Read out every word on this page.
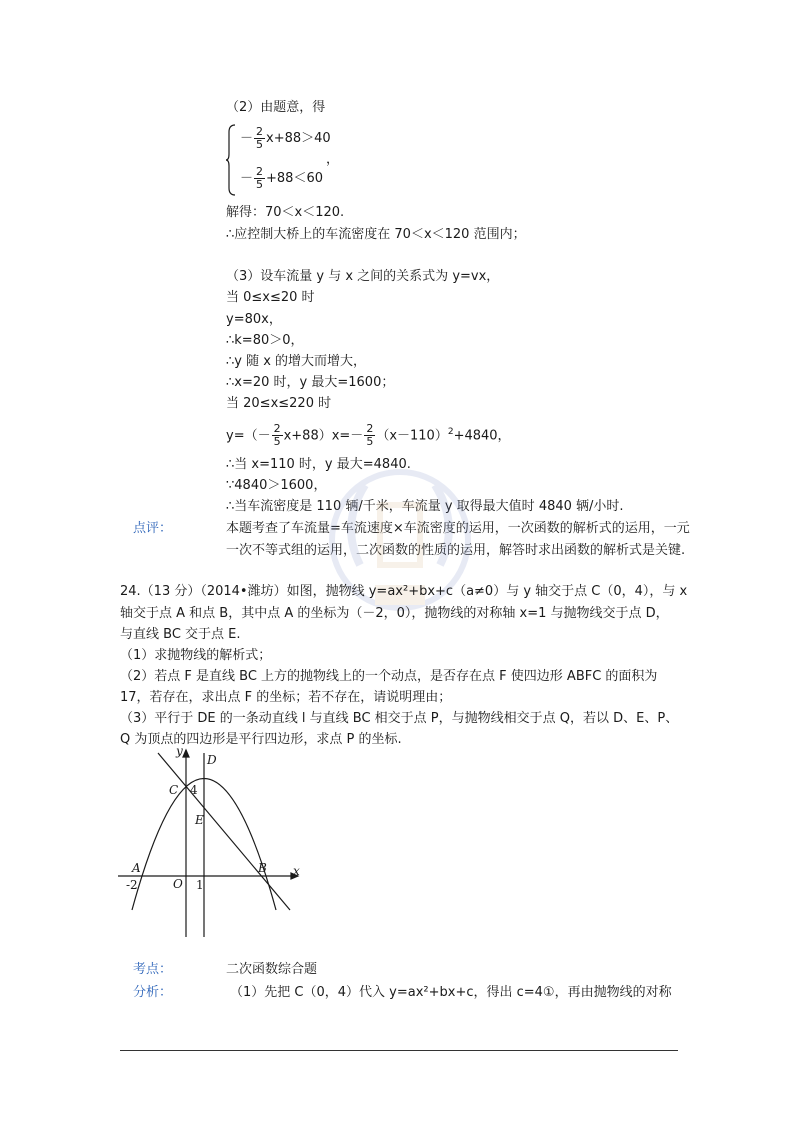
（2）由题意，得
－ $\frac{2}{5} x+88>40$
，
－ $\frac{2}{5} +88<60$
解得：70＜x＜120.
∴应控制大桥上的车流密度在 70＜x＜120 范围内；
（3）设车流量 y 与 x 之间的关系式为 y=vx，
当 0≤x≤20 时
y=80x，
∴k=80＞0，
∴y 随 x 的增大而增大，
∴x=20 时，y 最大=1600；
当 20≤x≤220 时
$y=(- \frac{2}{5} x+88)x=- \frac{2}{5} (x-110)^2+4840$，
∴当 x=110 时，y 最大=4840.
∵4840＞1600，
∴当车流密度是 110 辆/千米，车流量 y 取得最大值时 4840 辆/小时.
点评：	本题考查了车流量=车流速度×车流密度的运用，一次函数的解析式的运用，一元
一次不等式组的运用，二次函数的性质的运用，解答时求出函数的解析式是关键.
24.（13 分）（2014•潍坊）如图，抛物线 y=ax²+bx+c（a≠0）与 y 轴交于点 C（0，4），与 x
轴交于点 A 和点 B，其中点 A 的坐标为（－2，0），抛物线的对称轴 x=1 与抛物线交于点 D，
与直线 BC 交于点 E.
（1）求抛物线的解析式；
（2）若点 F 是直线 BC 上方的抛物线上的一个动点，是否存在点 F 使四边形 ABFC 的面积为
17，若存在，求出点 F 的坐标；若不存在，请说明理由；
（3）平行于 DE 的一条动直线 l 与直线 BC 相交于点 P，与抛物线相交于点 Q，若以 D、E、P、
Q 为顶点的四边形是平行四边形，求点 P 的坐标.
y
x
A	B
C
D
E
O
4
-2	1
考点：	二次函数综合题
分析：	（1）先把 C（0，4）代入 y=ax²+bx+c，得出 c=4①，再由抛物线的对称
